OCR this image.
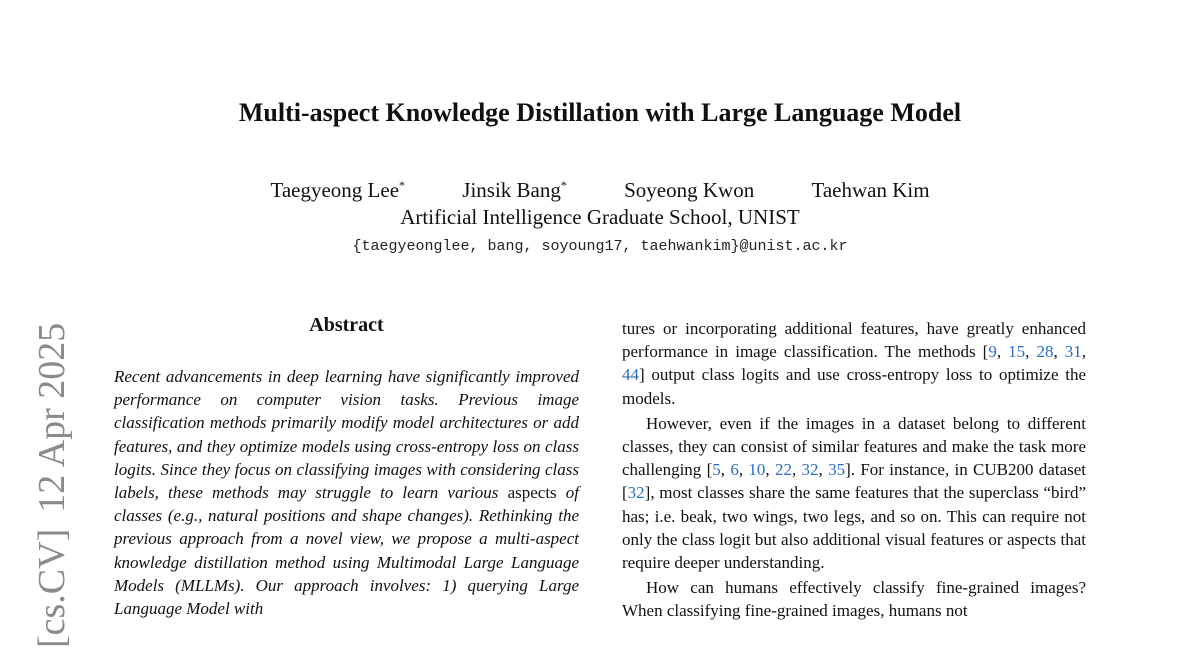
[cs.CV]12 Apr 2025
Multi-aspect Knowledge Distillation with Large Language Model
Taegyeong Lee*	Jinsik Bang*	Soyeong Kwon	Taehwan Kim
Artificial Intelligence Graduate School, UNIST
{taegyeonglee, bang, soyoung17, taehwankim}@unist.ac.kr
Abstract

Recent advancements in deep learning have significantly improved performance on computer vision tasks. Previous image classification methods primarily modify model architectures or add features, and they optimize models using cross-entropy loss on class logits. Since they focus on classifying images with considering class labels, these methods may struggle to learn various aspects of classes (e.g., natural positions and shape changes). Rethinking the previous approach from a novel view, we propose a multi-aspect knowledge distillation method using Multimodal Large Language Models (MLLMs). Our approach involves: 1) querying Large Language Model with

tures or incorporating additional features, have greatly enhanced performance in image classification. The methods [9, 15, 28, 31, 44] output class logits and use cross-entropy loss to optimize the models.

However, even if the images in a dataset belong to different classes, they can consist of similar features and make the task more challenging [5, 6, 10, 22, 32, 35]. For instance, in CUB200 dataset [32], most classes share the same features that the superclass “bird” has; i.e. beak, two wings, two legs, and so on. This can require not only the class logit but also additional visual features or aspects that require deeper understanding.

How can humans effectively classify fine-grained images? When classifying fine-grained images, humans not
